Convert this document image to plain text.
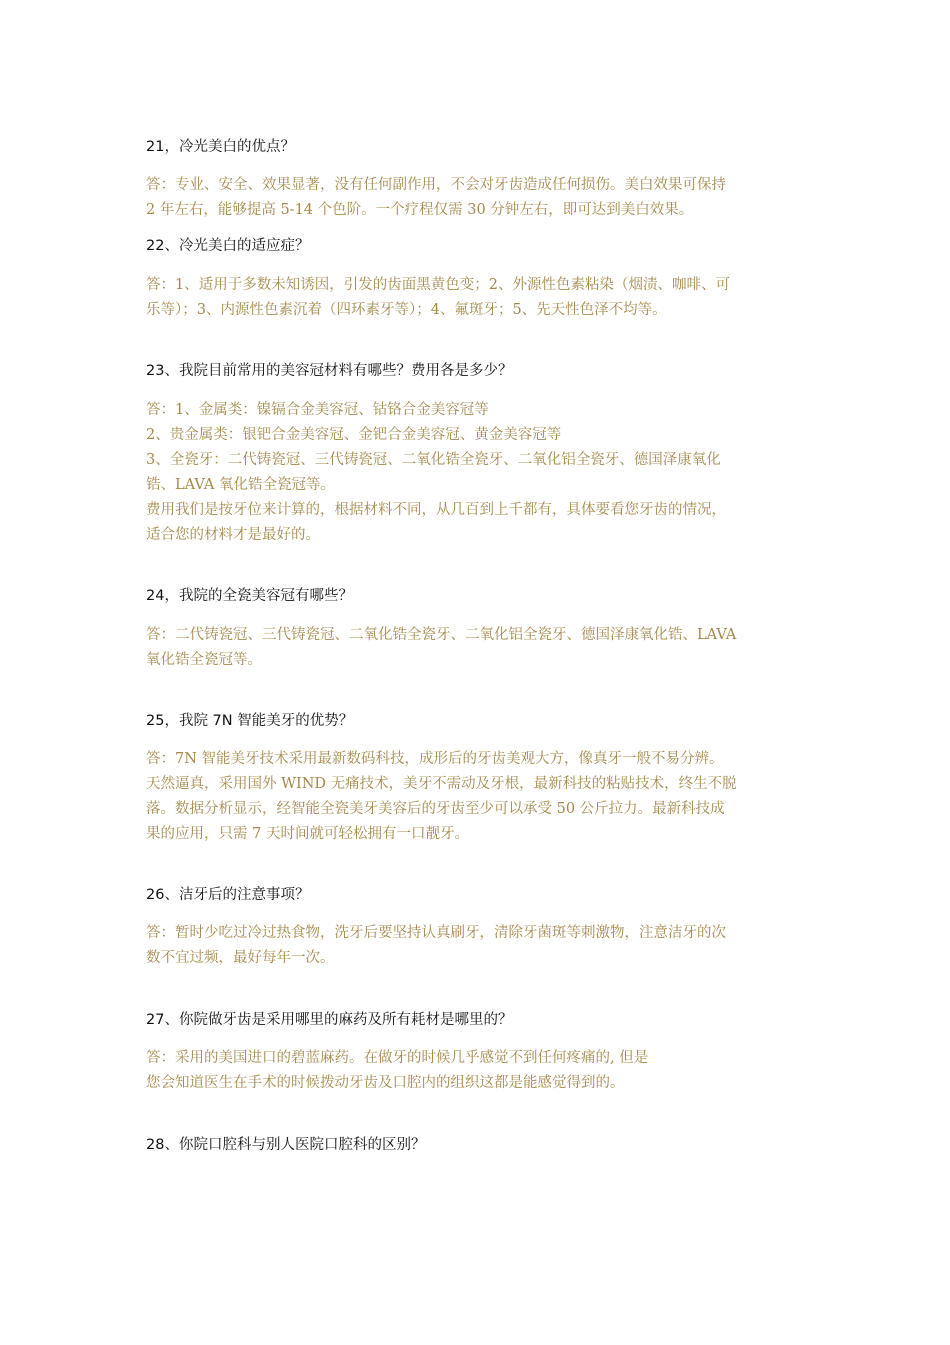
21，冷光美白的优点？
答：专业、安全、效果显著，没有任何副作用，不会对牙齿造成任何损伤。美白效果可保持
2 年左右，能够提高 5-14 个色阶。一个疗程仅需 30 分钟左右，即可达到美白效果。
22、冷光美白的适应症？
答：1、适用于多数未知诱因，引发的齿面黑黄色变；2、外源性色素粘染（烟渍、咖啡、可
乐等）；3、内源性色素沉着（四环素牙等）；4、氟斑牙；5、先天性色泽不均等。
23、我院目前常用的美容冠材料有哪些？费用各是多少？
答：1、金属类：镍镉合金美容冠、钴铬合金美容冠等
2、贵金属类：银钯合金美容冠、金钯合金美容冠、黄金美容冠等
3、全瓷牙：二代铸瓷冠、三代铸瓷冠、二氧化锆全瓷牙、二氧化铝全瓷牙、德国泽康氧化
锆、LAVA 氧化锆全瓷冠等。
费用我们是按牙位来计算的，根据材料不同，从几百到上千都有，具体要看您牙齿的情况，
适合您的材料才是最好的。
24，我院的全瓷美容冠有哪些？
答：二代铸瓷冠、三代铸瓷冠、二氧化锆全瓷牙、二氧化铝全瓷牙、德国泽康氧化锆、LAVA
氧化锆全瓷冠等。
25，我院 7N 智能美牙的优势？
答：7N 智能美牙技术采用最新数码科技，成形后的牙齿美观大方，像真牙一般不易分辨。
天然逼真，采用国外 WIND 无痛技术，美牙不需动及牙根，最新科技的粘贴技术，终生不脱
落。数据分析显示，经智能全瓷美牙美容后的牙齿至少可以承受 50 公斤拉力。最新科技成
果的应用，只需 7 天时间就可轻松拥有一口靓牙。
26、洁牙后的注意事项？
答：暂时少吃过冷过热食物，洗牙后要坚持认真刷牙，清除牙菌斑等刺激物，注意洁牙的次
数不宜过频，最好每年一次。
27、你院做牙齿是采用哪里的麻药及所有耗材是哪里的？
答：采用的美国进口的碧蓝麻药。在做牙的时候几乎感觉不到任何疼痛的, 但是
您会知道医生在手术的时候拨动牙齿及口腔内的组织这都是能感觉得到的。
28、你院口腔科与别人医院口腔科的区别？
